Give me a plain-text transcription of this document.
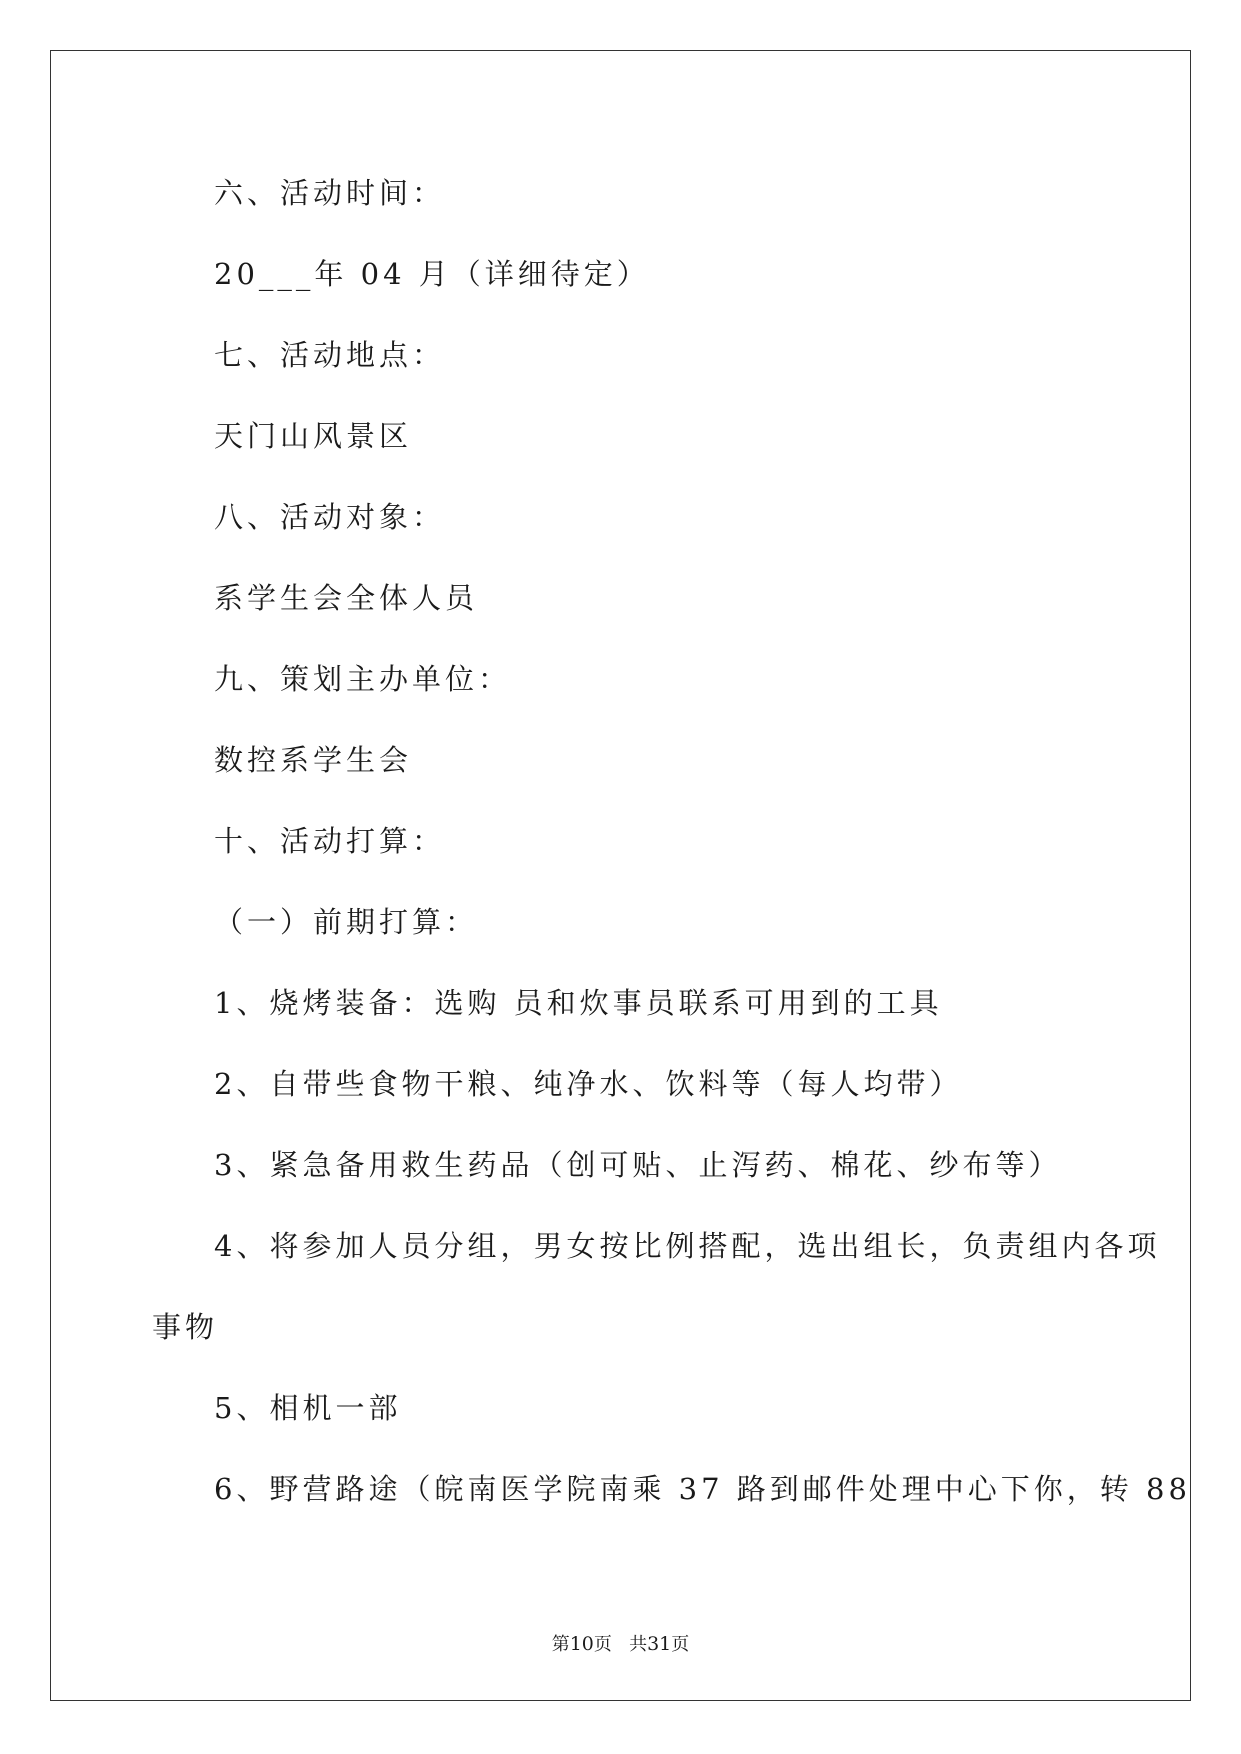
六、活动时间：
20___年 04 月（详细待定）
七、活动地点：
天门山风景区
八、活动对象：
系学生会全体人员
九、策划主办单位：
数控系学生会
十、活动打算：
（一）前期打算：
1、烧烤装备：选购 员和炊事员联系可用到的工具
2、自带些食物干粮、纯净水、饮料等（每人均带）
3、紧急备用救生药品（创可贴、止泻药、棉花、纱布等）
4、将参加人员分组，男女按比例搭配，选出组长，负责组内各项
事物
5、相机一部
6、野营路途（皖南医学院南乘 37 路到邮件处理中心下你，转 88
第10页   共31页
